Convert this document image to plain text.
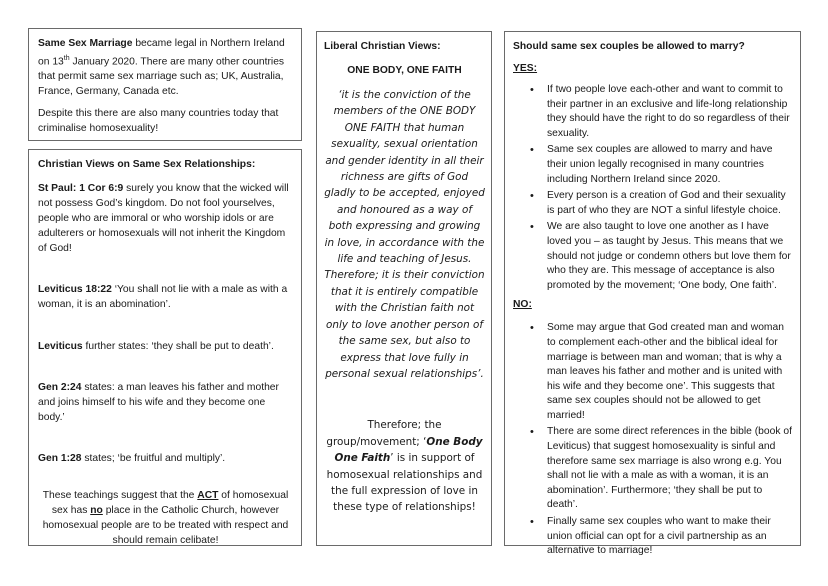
Same Sex Marriage became legal in Northern Ireland on 13th January 2020. There are many other countries that permit same sex marriage such as; UK, Australia, France, Germany, Canada etc.

Despite this there are also many countries today that criminalise homosexuality!

Christian Views on Same Sex Relationships:

St Paul: 1 Cor 6:9 surely you know that the wicked will not possess God’s kingdom. Do not fool yourselves, people who are immoral or who worship idols or are adulterers or homosexuals will not inherit the Kingdom of God!

Leviticus 18:22 ‘You shall not lie with a male as with a woman, it is an abomination’.

Leviticus further states: ‘they shall be put to death’.

Gen 2:24 states: a man leaves his father and mother and joins himself to his wife and they become one body.’

Gen 1:28 states; ‘be fruitful and multiply’.

These teachings suggest that the ACT of homosexual sex has no place in the Catholic Church, however homosexual people are to be treated with respect and should remain celibate!

Liberal Christian Views:

ONE BODY, ONE FAITH

‘it is the conviction of the members of the ONE BODY ONE FAITH that human sexuality, sexual orientation and gender identity in all their richness are gifts of God gladly to be accepted, enjoyed and honoured as a way of both expressing and growing in love, in accordance with the life and teaching of Jesus. Therefore; it is their conviction that it is entirely compatible with the Christian faith not only to love another person of the same sex, but also to express that love fully in personal sexual relationships’.

Therefore; the group/movement; ‘One Body One Faith’ is in support of homosexual relationships and the full expression of love in these type of relationships!

Should same sex couples be allowed to marry?

YES:

• If two people love each-other and want to commit to their partner in an exclusive and life-long relationship they should have the right to do so regardless of their sexuality.
• Same sex couples are allowed to marry and have their union legally recognised in many countries including Northern Ireland since 2020.
• Every person is a creation of God and their sexuality is part of who they are NOT a sinful lifestyle choice.
• We are also taught to love one another as I have loved you – as taught by Jesus. This means that we should not judge or condemn others but love them for who they are. This message of acceptance is also promoted by the movement; ‘One body, One faith’.

NO:

• Some may argue that God created man and woman to complement each-other and the biblical ideal for marriage is between man and woman; that is why a man leaves his father and mother and is united with his wife and they become one’. This suggests that same sex couples should not be allowed to get married!
• There are some direct references in the bible (book of Leviticus) that suggest homosexuality is sinful and therefore same sex marriage is also wrong e.g. You shall not lie with a male as with a woman, it is an abomination’. Furthermore; ‘they shall be put to death’.
• Finally same sex couples who want to make their union official can opt for a civil partnership as an alternative to marriage!
